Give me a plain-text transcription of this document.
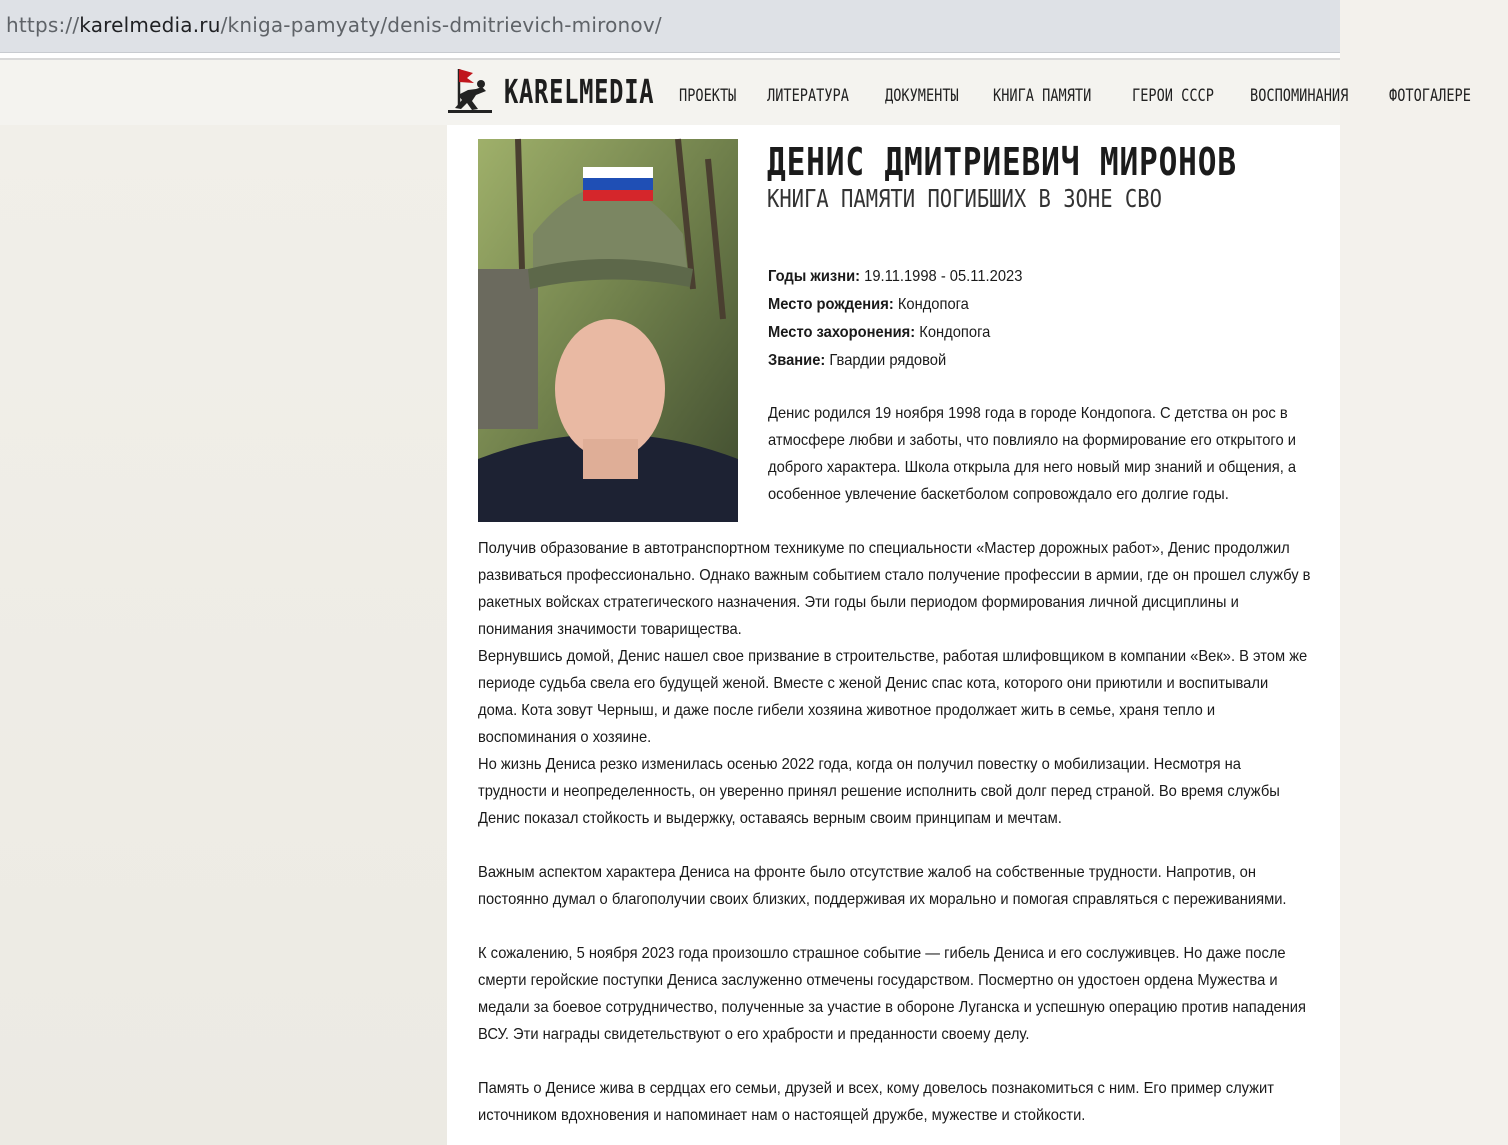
https://karelmedia.ru/kniga-pamyaty/denis-dmitrievich-mironov/
KARELMEDIA ПРОЕКТЫ ЛИТЕРАТУРА ДОКУМЕНТЫ КНИГА ПАМЯТИ ГЕРОИ СССР ВОСПОМИНАНИЯ ФОТОГАЛЕРЕ
ДЕНИС ДМИТРИЕВИЧ МИРОНОВ
КНИГА ПАМЯТИ ПОГИБШИХ В ЗОНЕ СВО
Годы жизни: 19.11.1998 - 05.11.2023
Место рождения: Кондопога
Место захоронения: Кондопога
Звание: Гвардии рядовой
Денис родился 19 ноября 1998 года в городе Кондопога. С детства он рос в
атмосфере любви и заботы, что повлияло на формирование его открытого и
доброго характера. Школа открыла для него новый мир знаний и общения, а
особенное увлечение баскетболом сопровождало его долгие годы.
Получив образование в автотранспортном техникуме по специальности «Мастер дорожных работ», Денис продолжил
развиваться профессионально. Однако важным событием стало получение профессии в армии, где он прошел службу в
ракетных войсках стратегического назначения. Эти годы были периодом формирования личной дисциплины и
понимания значимости товарищества.
Вернувшись домой, Денис нашел свое призвание в строительстве, работая шлифовщиком в компании «Век». В этом же
периоде судьба свела его будущей женой. Вместе с женой Денис спас кота, которого они приютили и воспитывали
дома. Кота зовут Черныш, и даже после гибели хозяина животное продолжает жить в семье, храня тепло и
воспоминания о хозяине.
Но жизнь Дениса резко изменилась осенью 2022 года, когда он получил повестку о мобилизации. Несмотря на
трудности и неопределенность, он уверенно принял решение исполнить свой долг перед страной. Во время службы
Денис показал стойкость и выдержку, оставаясь верным своим принципам и мечтам.
Важным аспектом характера Дениса на фронте было отсутствие жалоб на собственные трудности. Напротив, он
постоянно думал о благополучии своих близких, поддерживая их морально и помогая справляться с переживаниями.
К сожалению, 5 ноября 2023 года произошло страшное событие — гибель Дениса и его сослуживцев. Но даже после
смерти геройские поступки Дениса заслуженно отмечены государством. Посмертно он удостоен ордена Мужества и
медали за боевое сотрудничество, полученные за участие в обороне Луганска и успешную операцию против нападения
ВСУ. Эти награды свидетельствуют о его храбрости и преданности своему делу.
Память о Денисе жива в сердцах его семьи, друзей и всех, кому довелось познакомиться с ним. Его пример служит
источником вдохновения и напоминает нам о настоящей дружбе, мужестве и стойкости.
